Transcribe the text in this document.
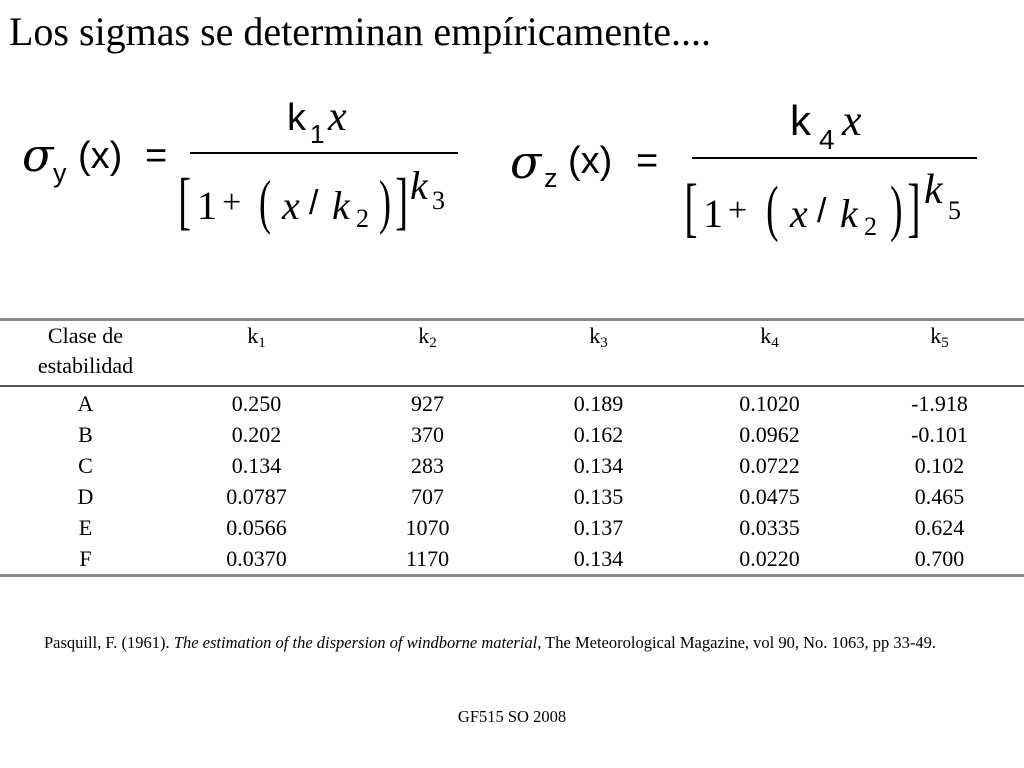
Los sigmas se determinan empíricamente....
σ y (x) =
k 1 x
[ 1 + ( x / k 2 ) ] k 3
σ z (x) =
k 4 x
[ 1 + ( x / k 2 ) ] k 5
Clase de
estabilidad	$k_1$	$k_2$	$k_3$	$k_4$	$k_5$
A	0.250	927	0.189	0.1020	-1.918
B	0.202	370	0.162	0.0962	-0.101
C	0.134	283	0.134	0.0722	0.102
D	0.0787	707	0.135	0.0475	0.465
E	0.0566	1070	0.137	0.0335	0.624
F	0.0370	1170	0.134	0.0220	0.700
Pasquill, F. (1961). The estimation of the dispersion of windborne material, The Meteorological Magazine, vol 90, No. 1063, pp 33-49.
GF515 SO 2008
